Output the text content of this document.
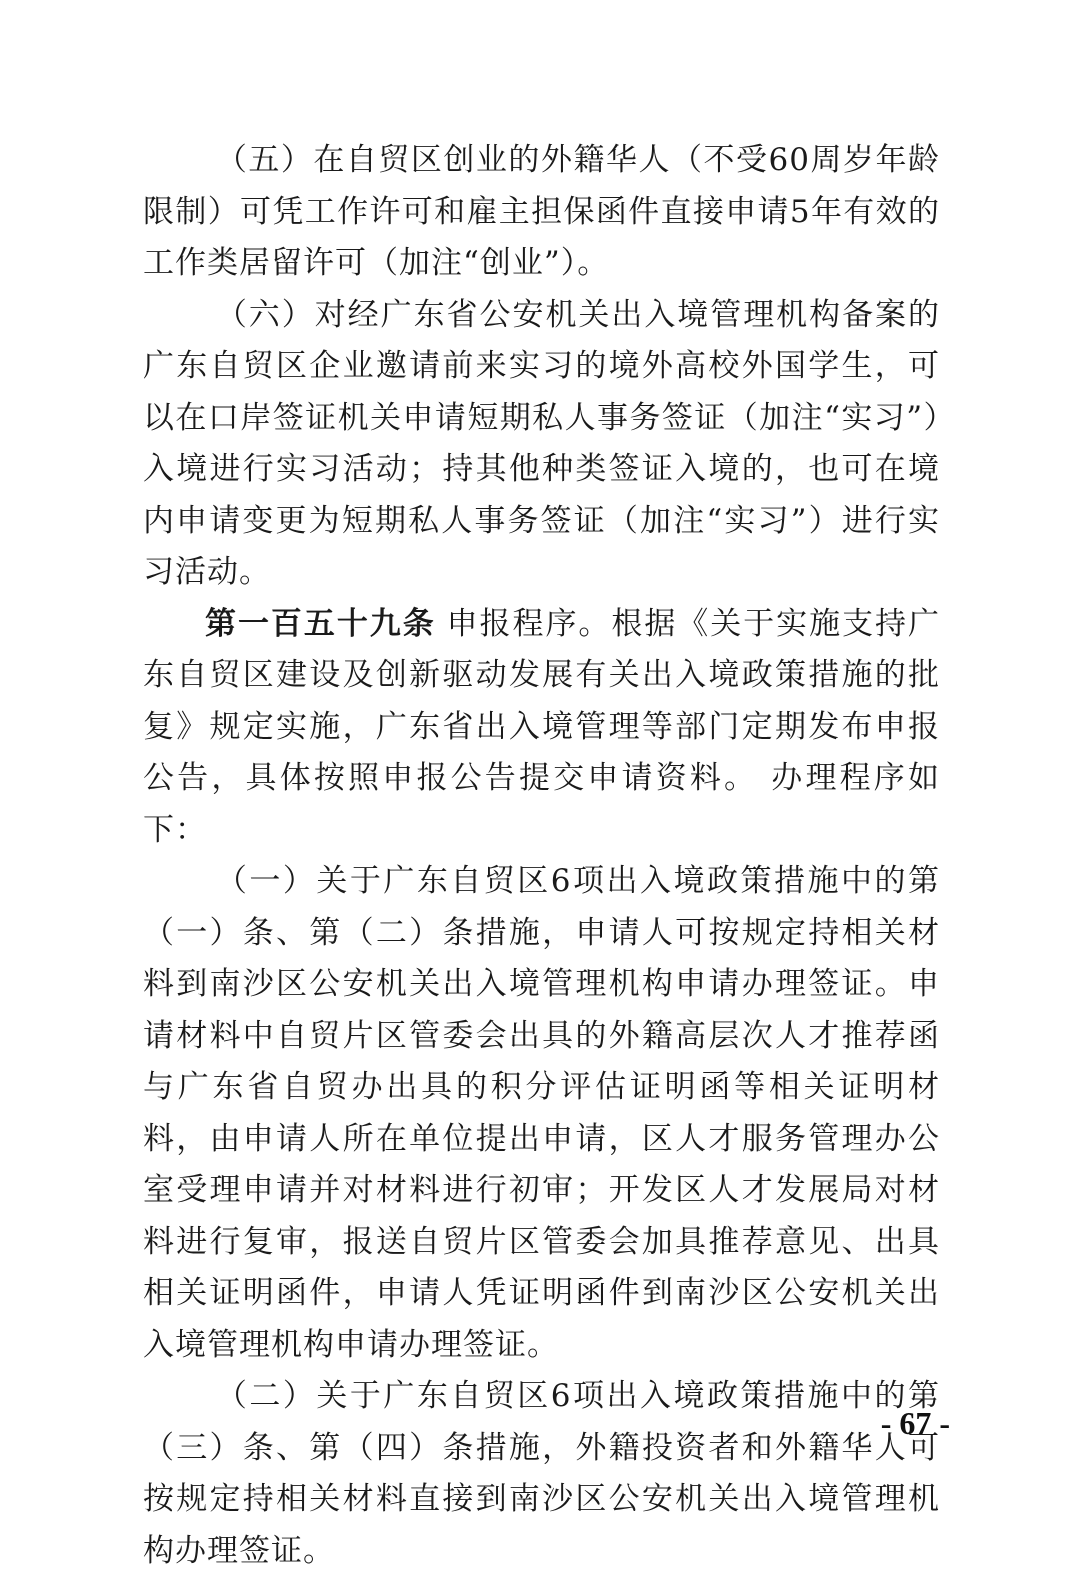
（五）在自贸区创业的外籍华人（不受60周岁年龄限制）可凭工作许可和雇主担保函件直接申请5年有效的工作类居留许可（加注“创业”）。

（六）对经广东省公安机关出入境管理机构备案的广东自贸区企业邀请前来实习的境外高校外国学生，可以在口岸签证机关申请短期私人事务签证（加注“实习”）入境进行实习活动；持其他种类签证入境的，也可在境内申请变更为短期私人事务签证（加注“实习”）进行实习活动。

第一百五十九条 申报程序。根据《关于实施支持广东自贸区建设及创新驱动发展有关出入境政策措施的批复》规定实施，广东省出入境管理等部门定期发布申报公告，具体按照申报公告提交申请资料。 办理程序如下：

（一）关于广东自贸区6项出入境政策措施中的第（一）条、第（二）条措施，申请人可按规定持相关材料到南沙区公安机关出入境管理机构申请办理签证。申请材料中自贸片区管委会出具的外籍高层次人才推荐函与广东省自贸办出具的积分评估证明函等相关证明材料，由申请人所在单位提出申请，区人才服务管理办公室受理申请并对材料进行初审；开发区人才发展局对材料进行复审，报送自贸片区管委会加具推荐意见、出具相关证明函件，申请人凭证明函件到南沙区公安机关出入境管理机构申请办理签证。

（二）关于广东自贸区6项出入境政策措施中的第（三）条、第（四）条措施，外籍投资者和外籍华人可按规定持相关材料直接到南沙区公安机关出入境管理机构办理签证。

- 67 -
